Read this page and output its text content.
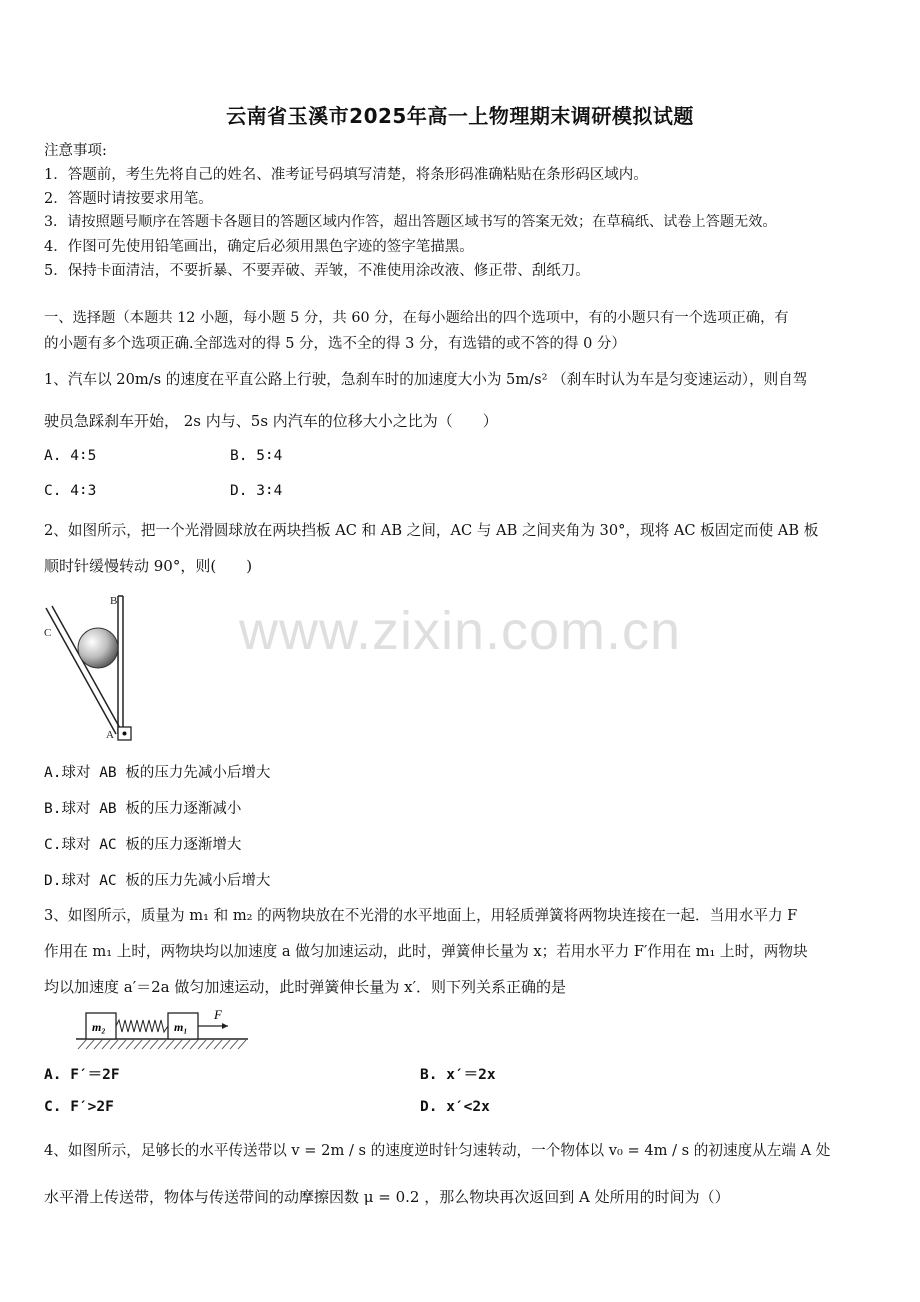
云南省玉溪市2025年高一上物理期末调研模拟试题
注意事项:
1．答题前，考生先将自己的姓名、准考证号码填写清楚，将条形码准确粘贴在条形码区域内。
2．答题时请按要求用笔。
3．请按照题号顺序在答题卡各题目的答题区域内作答，超出答题区域书写的答案无效；在草稿纸、试卷上答题无效。
4．作图可先使用铅笔画出，确定后必须用黑色字迹的签字笔描黑。
5．保持卡面清洁，不要折暴、不要弄破、弄皱，不准使用涂改液、修正带、刮纸刀。
一、选择题（本题共 12 小题，每小题 5 分，共 60 分，在每小题给出的四个选项中，有的小题只有一个选项正确，有
的小题有多个选项正确.全部选对的得 5 分，选不全的得 3 分，有选错的或不答的得 0 分）
1、汽车以 20m/s 的速度在平直公路上行驶，急刹车时的加速度大小为 5m/s² （刹车时认为车是匀变速运动），则自驾
驶员急踩刹车开始， 2s 内与、5s 内汽车的位移大小之比为（　　）
A. 4∶5	B. 5∶4
C. 4∶3	D. 3∶4
2、如图所示，把一个光滑圆球放在两块挡板 AC 和 AB 之间，AC 与 AB 之间夹角为 30°，现将 AC 板固定而使 AB 板
顺时针缓慢转动 90°，则(　　)
B
C
A
A.球对 AB 板的压力先减小后增大
B.球对 AB 板的压力逐渐减小
C.球对 AC 板的压力逐渐增大
D.球对 AC 板的压力先减小后增大
3、如图所示，质量为 m₁ 和 m₂ 的两物块放在不光滑的水平地面上，用轻质弹簧将两物块连接在一起．当用水平力 F
作用在 m₁ 上时，两物块均以加速度 a 做匀加速运动，此时，弹簧伸长量为 x；若用水平力 F′作用在 m₁ 上时，两物块
均以加速度 a′＝2a 做匀加速运动，此时弹簧伸长量为 x′．则下列关系正确的是
m₂	m₁
F
A. F′＝2F	B. x′＝2x
C. F′>2F	D. x′<2x
4、如图所示，足够长的水平传送带以 v = 2m / s 的速度逆时针匀速转动，一个物体以 v₀ = 4m / s 的初速度从左端 A 处
水平滑上传送带，物体与传送带间的动摩擦因数 μ = 0.2 ，那么物块再次返回到 A 处所用的时间为（）
www.zixin.com.cn
